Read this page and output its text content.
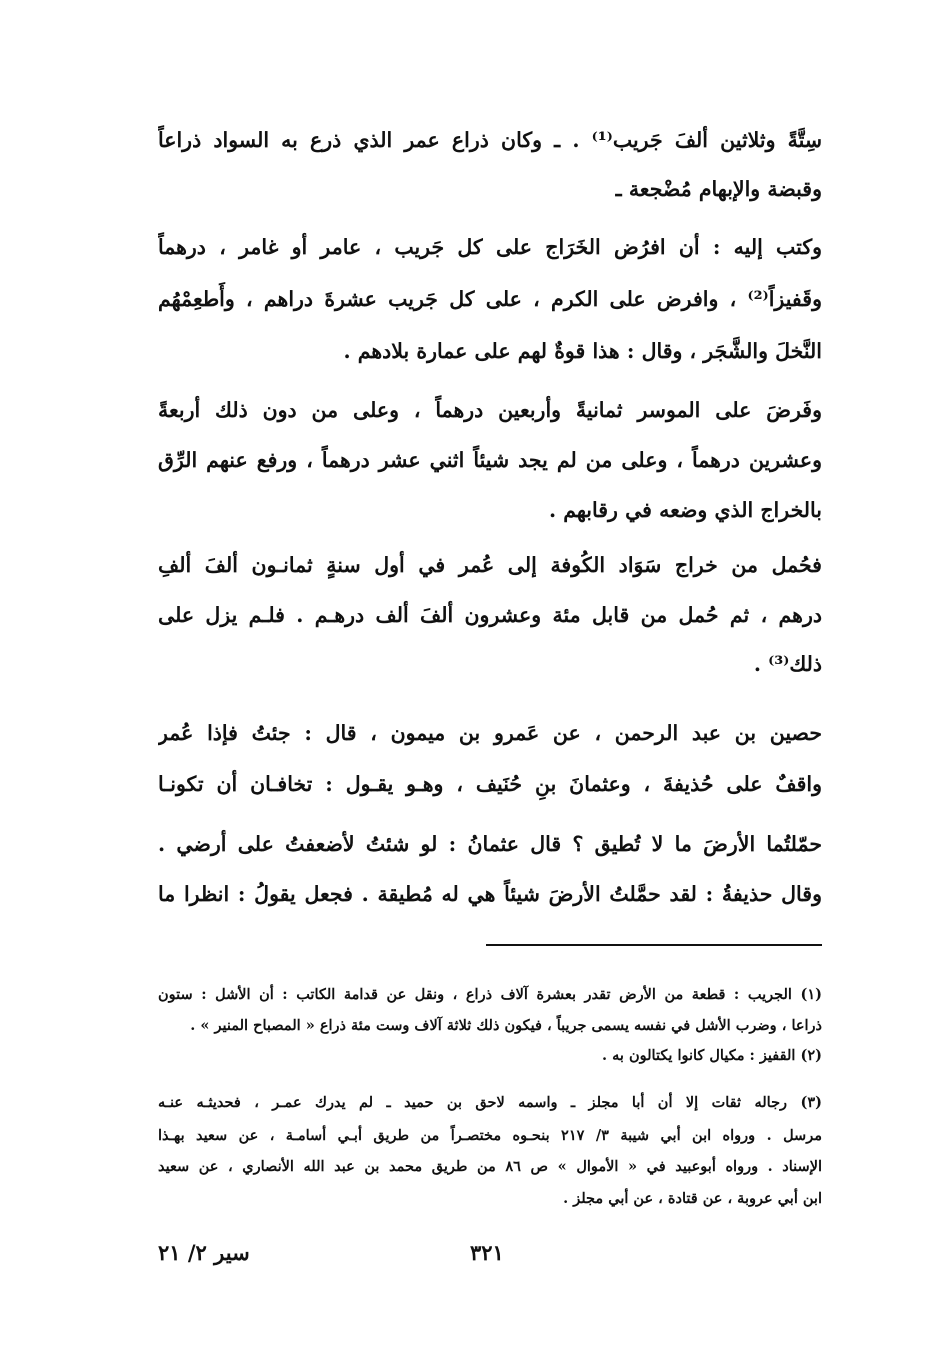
سِتَّةً وثلاثين ألفَ جَريب⁽¹⁾ . ـ وكان ذراع عمر الذي ذرع به السواد ذراعاً
وقبضة والإبهام مُضْجعة ـ
وكتب إليه : أن افرُض الخَرَاج على كل جَريب ، عامر أو غامر ، درهماً
وقَفيزاً⁽²⁾ ، وافرض على الكرم ، على كل جَريب عشرةَ دراهم ، وأَطعِمْهُم
النَّخلَ والشَّجَر ، وقال : هذا قوةٌ لهم على عمارة بلادهم .
وفَرضَ على الموسر ثمانيةً وأربعين درهماً ، وعلى من دون ذلك أربعةً
وعشرين درهماً ، وعلى من لم يجد شيئاً اثني عشر درهماً ، ورفع عنهم الرِّق
بالخراج الذي وضعه في رقابهم .
فحُمل من خراج سَوَاد الكُوفة إلى عُمر في أول سنةٍ ثمانـون ألفَ ألفِ
درهم ، ثم حُمل من قابل مئة وعشرون ألفَ ألف درهـم . فلـم يزل على
ذلك⁽³⁾ .
حصين بن عبد الرحمن ، عن عَمرو بن ميمون ، قال : جئتُ فإذا عُمر
واقفٌ على حُذيفةَ ، وعثمانَ بنِ حُنَيف ، وهـو يقـول : تخافـان أن تكونـا
حمّلتُما الأرضَ ما لا تُطيق ؟ قال عثمانُ : لو شئتُ لأضعفتُ على أرضي .
وقال حذيفةُ : لقد حمَّلتُ الأرضَ شيئاً هي له مُطيقة . فجعل يقولُ : انظرا ما
(١) الجريب : قطعة من الأرض تقدر بعشرة آلاف ذراع ، ونقل عن قدامة الكاتب : أن الأشل : ستون
ذراعا ، وضرب الأشل في نفسه يسمى جريباً ، فيكون ذلك ثلاثة آلاف وست مئة ذراع « المصباح المنير » .
(٢) القفيز : مكيال كانوا يكتالون به .
(٣) رجاله ثقات إلا أن أبا مجلز ـ واسمه لاحق بن حميد ـ لم يدرك عمـر ، فحديثـه عنـه
مرسل . ورواه ابن أبي شيبة ٣/ ٢١٧ بنحـوه مختصـراً من طريق أبـي أسامـة ، عن سعيد بهـذا
الإسناد . ورواه أبوعبيد في « الأموال » ص ٨٦ من طريق محمد بن عبد الله الأنصاري ، عن سعيد
ابن أبي عروبة ، عن قتادة ، عن أبي مجلز .
٣٢١
سير ٢/ ٢١
